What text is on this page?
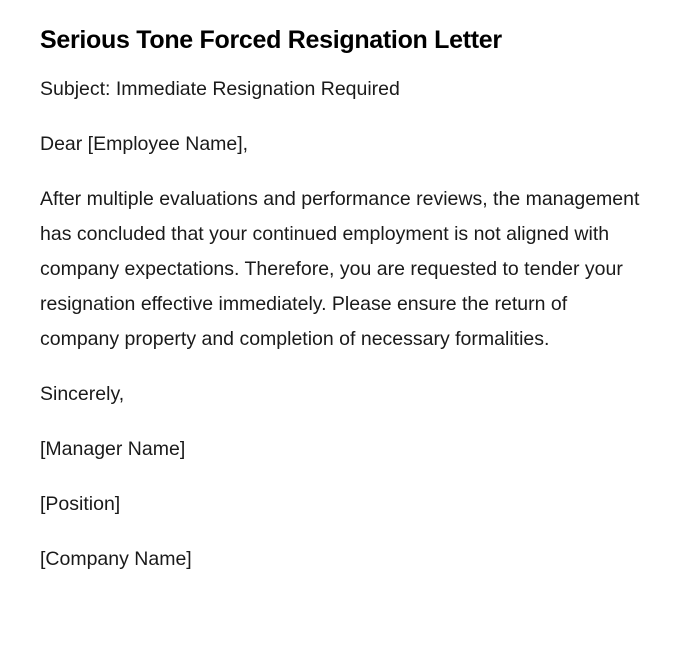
Serious Tone Forced Resignation Letter

Subject: Immediate Resignation Required

Dear [Employee Name],

After multiple evaluations and performance reviews, the management has concluded that your continued employment is not aligned with company expectations. Therefore, you are requested to tender your resignation effective immediately. Please ensure the return of company property and completion of necessary formalities.

Sincerely,

[Manager Name]

[Position]

[Company Name]
